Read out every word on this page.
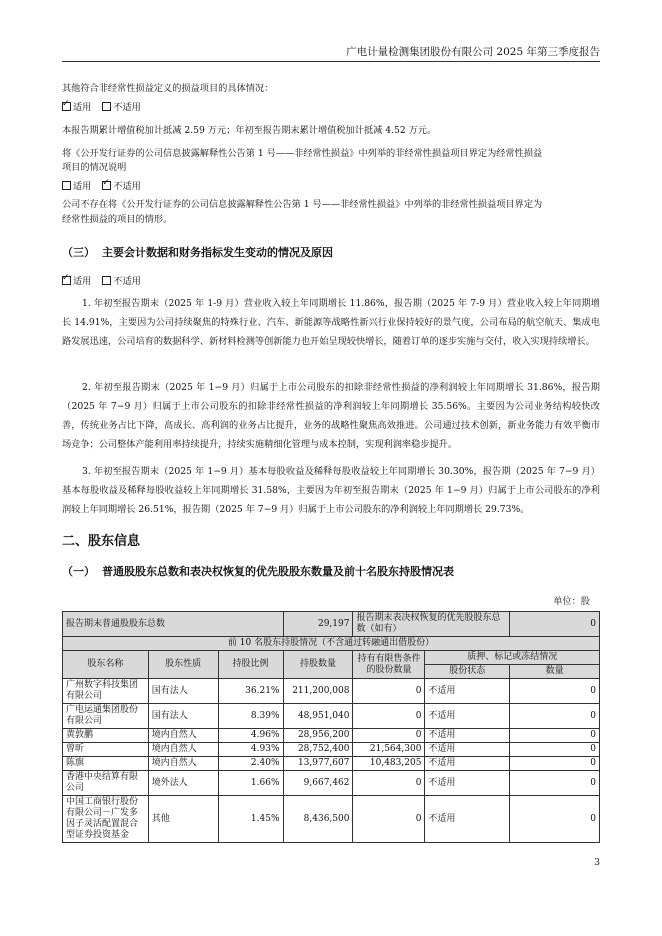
广电计量检测集团股份有限公司 2025 年第三季度报告
其他符合非经常性损益定义的损益项目的具体情况：
✓适用 不适用
本报告期累计增值税加计抵减 2.59 万元；年初至报告期末累计增值税加计抵减 4.52 万元。
将《公开发行证券的公司信息披露解释性公告第 1 号——非经常性损益》中列举的非经常性损益项目界定为经常性损益
项目的情况说明
适用 ✓ 不适用
公司不存在将《公开发行证券的公司信息披露解释性公告第 1 号——非经常性损益》中列举的非经常性损益项目界定为
经常性损益的项目的情形。
（三） 主要会计数据和财务指标发生变动的情况及原因
✓适用 不适用
1. 年初至报告期末（2025 年 1-9 月）营业收入较上年同期增长 11.86%，报告期（2025 年 7-9 月）营业收入较上年同期增长 14.91%，主要因为公司持续聚焦的特殊行业、汽车、新能源等战略性新兴行业保持较好的景气度，公司布局的航空航天、集成电路发展迅速，公司培育的数据科学、新材料检测等创新能力也开始呈现较快增长，随着订单的逐步实施与交付，收入实现持续增长。
2. 年初至报告期末（2025 年 1−9 月）归属于上市公司股东的扣除非经常性损益的净利润较上年同期增长 31.86%，报告期（2025 年 7−9 月）归属于上市公司股东的扣除非经常性损益的净利润较上年同期增长 35.56%。主要因为公司业务结构较快改善，传统业务占比下降，高成长、高利润的业务占比提升，业务的战略性聚焦高效推进。公司通过技术创新，新业务能力有效平衡市场竞争；公司整体产能利用率持续提升，持续实施精细化管理与成本控制，实现利润率稳步提升。
3. 年初至报告期末（2025 年 1−9 月）基本每股收益及稀释每股收益较上年同期增长 30.30%，报告期（2025 年 7−9 月）基本每股收益及稀释每股收益较上年同期增长 31.58%，主要因为年初至报告期末（2025 年 1−9 月）归属于上市公司股东的净利润较上年同期增长 26.51%，报告期（2025 年 7−9 月）归属于上市公司股东的净利润较上年同期增长 29.73%。
二、股东信息
（一） 普通股股东总数和表决权恢复的优先股股东数量及前十名股东持股情况表
单位：股
报告期末普通股股东总数			29,197	报告期末表决权恢复的优先股股东总数（如有）		0
前 10 名股东持股情况（不含通过转融通出借股份）						
股东名称	股东性质	持股比例	持股数量	持有有限售条件的股份数量	质押、标记或冻结情况	
					股份状态	数量
广州数字科技集团有限公司	国有法人	36.21%	211,200,008	0	不适用	0
广电运通集团股份有限公司	国有法人	8.39%	48,951,040	0	不适用	0
黄敦鹏	境内自然人	4.96%	28,956,200	0	不适用	0
曾昕	境内自然人	4.93%	28,752,400	21,564,300	不适用	0
陈旗	境内自然人	2.40%	13,977,607	10,483,205	不适用	0
香港中央结算有限公司	境外法人	1.66%	9,667,462	0	不适用	0
中国工商银行股份有限公司－广发多因子灵活配置混合型证券投资基金	其他	1.45%	8,436,500	0	不适用	0
3
